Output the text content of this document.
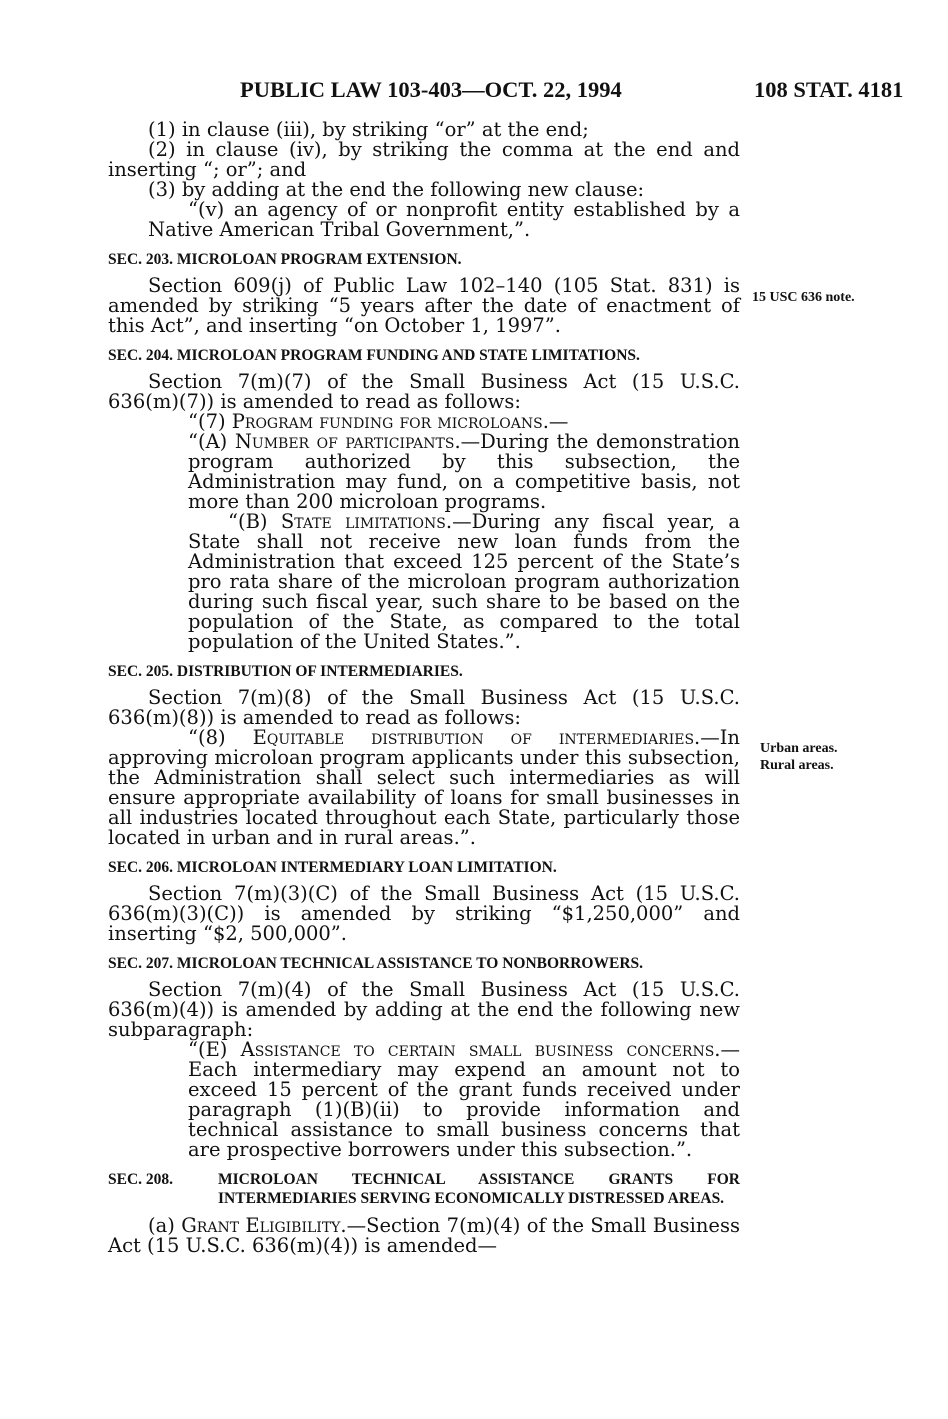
PUBLIC LAW 103-403—OCT. 22, 1994	108 STAT. 4181
15 USC 636 note.
Urban areas.
Rural areas.

(1) in clause (iii), by striking “or” at the end;

(2) in clause (iv), by striking the comma at the end and inserting “; or”; and

(3) by adding at the end the following new clause:

“(v) an agency of or nonprofit entity established by a Native American Tribal Government,”.

SEC. 203. MICROLOAN PROGRAM EXTENSION.

Section 609(j) of Public Law 102–140 (105 Stat. 831) is amended by striking “5 years after the date of enactment of this Act”, and inserting “on October 1, 1997”.

SEC. 204. MICROLOAN PROGRAM FUNDING AND STATE LIMITATIONS.

Section 7(m)(7) of the Small Business Act (15 U.S.C. 636(m)(7)) is amended to read as follows:

“(7) Program funding for microloans.—

“(A) Number of participants.—During the demonstration program authorized by this subsection, the Administration may fund, on a competitive basis, not more than 200 microloan programs.

“(B) State limitations.—During any fiscal year, a State shall not receive new loan funds from the Administration that exceed 125 percent of the State’s pro rata share of the microloan program authorization during such fiscal year, such share to be based on the population of the State, as compared to the total population of the United States.”.

SEC. 205. DISTRIBUTION OF INTERMEDIARIES.

Section 7(m)(8) of the Small Business Act (15 U.S.C. 636(m)(8)) is amended to read as follows:

“(8) Equitable distribution of intermediaries.—In approving microloan program applicants under this subsection, the Administration shall select such intermediaries as will ensure appropriate availability of loans for small businesses in all industries located throughout each State, particularly those located in urban and in rural areas.”.

SEC. 206. MICROLOAN INTERMEDIARY LOAN LIMITATION.

Section 7(m)(3)(C) of the Small Business Act (15 U.S.C. 636(m)(3)(C)) is amended by striking “$1,250,000” and inserting “$2, 500,000”.

SEC. 207. MICROLOAN TECHNICAL ASSISTANCE TO NONBORROWERS.

Section 7(m)(4) of the Small Business Act (15 U.S.C. 636(m)(4)) is amended by adding at the end the following new subparagraph:

“(E) Assistance to certain small business concerns.—Each intermediary may expend an amount not to exceed 15 percent of the grant funds received under paragraph (1)(B)(ii) to provide information and technical assistance to small business concerns that are prospective borrowers under this subsection.”.

SEC. 208.	MICROLOAN TECHNICAL ASSISTANCE GRANTS FOR INTERMEDIARIES SERVING ECONOMICALLY DISTRESSED AREAS.

(a) Grant Eligibility.—Section 7(m)(4) of the Small Business Act (15 U.S.C. 636(m)(4)) is amended—
